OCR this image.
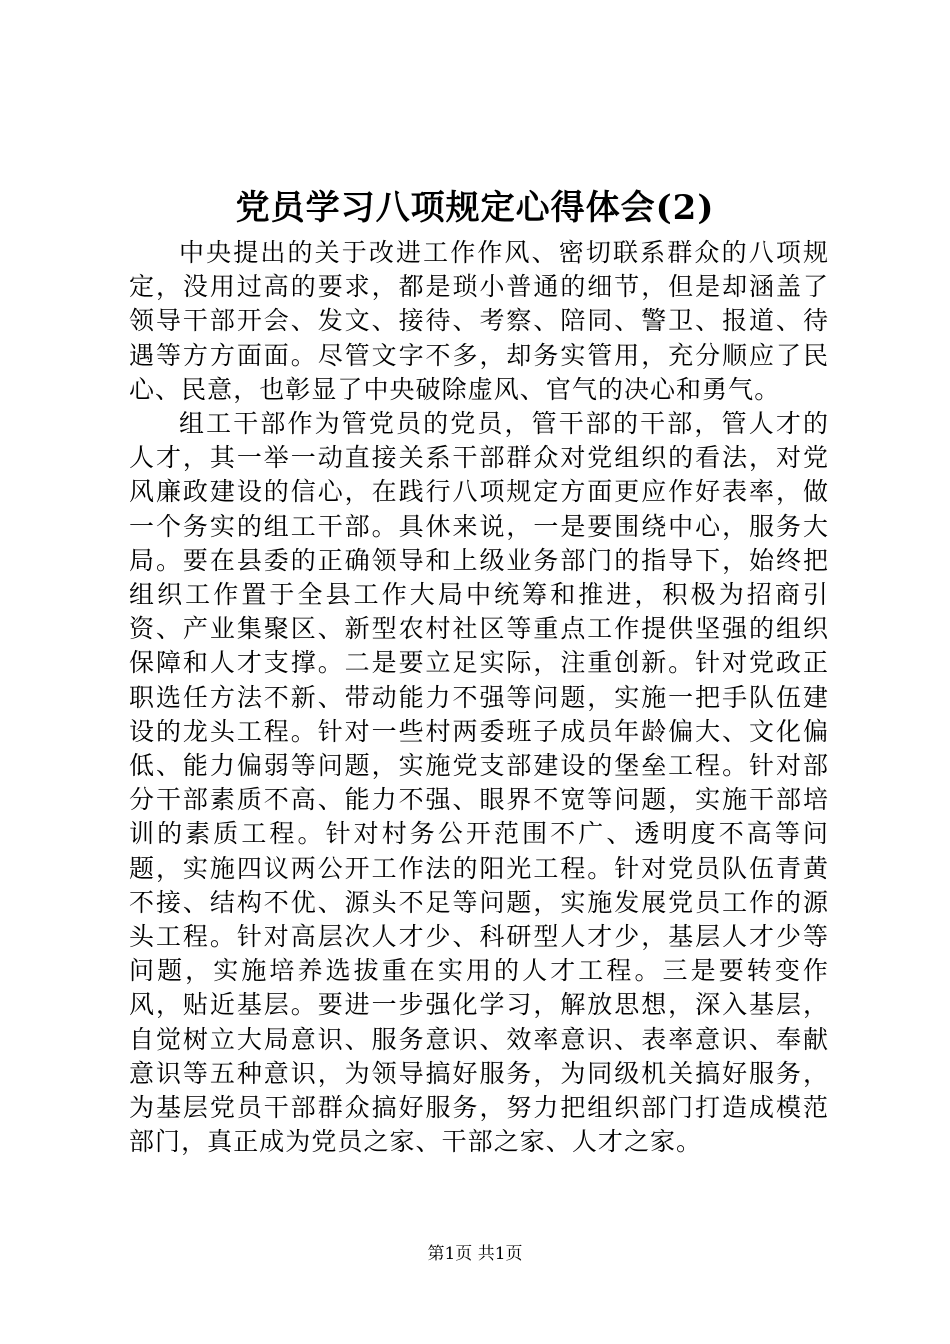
党员学习八项规定心得体会(2)

中央提出的关于改进工作作风、密切联系群众的八项规定，没用过高的要求，都是琐小普通的细节，但是却涵盖了领导干部开会、发文、接待、考察、陪同、警卫、报道、待遇等方方面面。尽管文字不多，却务实管用，充分顺应了民心、民意，也彰显了中央破除虚风、官气的决心和勇气。

组工干部作为管党员的党员，管干部的干部，管人才的人才，其一举一动直接关系干部群众对党组织的看法，对党风廉政建设的信心，在践行八项规定方面更应作好表率，做一个务实的组工干部。具休来说，一是要围绕中心，服务大局。要在县委的正确领导和上级业务部门的指导下，始终把组织工作置于全县工作大局中统筹和推进，积极为招商引资、产业集聚区、新型农村社区等重点工作提供坚强的组织保障和人才支撑。二是要立足实际，注重创新。针对党政正职选任方法不新、带动能力不强等问题，实施一把手队伍建设的龙头工程。针对一些村两委班子成员年龄偏大、文化偏低、能力偏弱等问题，实施党支部建设的堡垒工程。针对部分干部素质不高、能力不强、眼界不宽等问题，实施干部培训的素质工程。针对村务公开范围不广、透明度不高等问题，实施四议两公开工作法的阳光工程。针对党员队伍青黄不接、结构不优、源头不足等问题，实施发展党员工作的源头工程。针对高层次人才少、科研型人才少，基层人才少等问题，实施培养选拔重在实用的人才工程。三是要转变作风，贴近基层。要进一步强化学习，解放思想，深入基层，自觉树立大局意识、服务意识、效率意识、表率意识、奉献意识等五种意识，为领导搞好服务，为同级机关搞好服务，为基层党员干部群众搞好服务，努力把组织部门打造成模范部门，真正成为党员之家、干部之家、人才之家。

第1页 共1页
